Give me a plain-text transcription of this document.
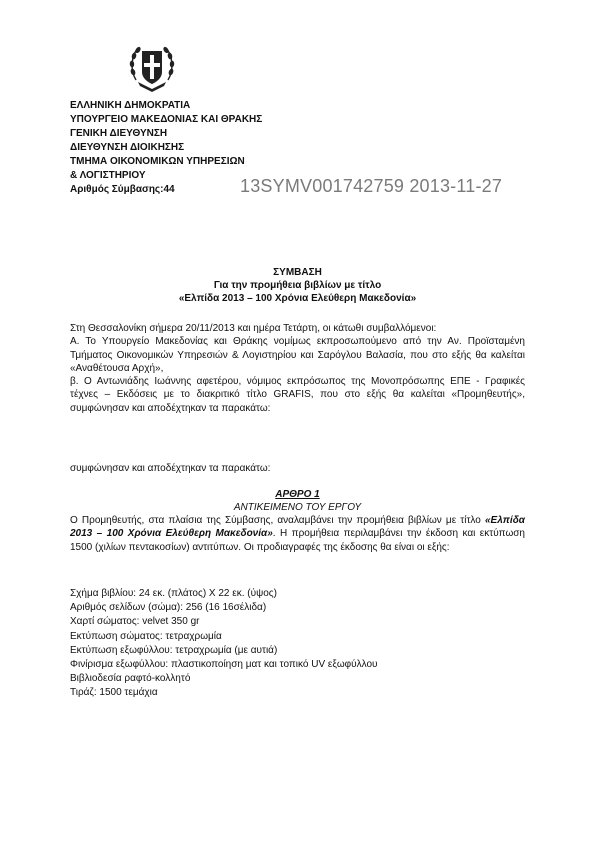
ΕΛΛΗΝΙΚΗ ΔΗΜΟΚΡΑΤΙΑ
ΥΠΟΥΡΓΕΙΟ ΜΑΚΕΔΟΝΙΑΣ ΚΑΙ ΘΡΑΚΗΣ
ΓΕΝΙΚΗ ΔΙΕΥΘΥΝΣΗ
ΔΙΕΥΘΥΝΣΗ ΔΙΟΙΚΗΣΗΣ
ΤΜΗΜΑ ΟΙΚΟΝΟΜΙΚΩΝ ΥΠΗΡΕΣΙΩΝ
& ΛΟΓΙΣΤΗΡΙΟΥ
Αριθμός Σύμβασης:44	13SYMV001742759 2013-11-27
ΣΥΜΒΑΣΗ
Για την προμήθεια βιβλίων με τίτλο
«Ελπίδα 2013 – 100 Χρόνια Ελεύθερη Μακεδονία»

Στη Θεσσαλονίκη σήμερα 20/11/2013 και ημέρα Τετάρτη, οι κάτωθι συμβαλλόμενοι:

Α. Το Υπουργείο Μακεδονίας και Θράκης νομίμως εκπροσωπούμενο από την Αν. Προϊσταμένη Τμήματος Οικονομικών Υπηρεσιών & Λογιστηρίου και Σαρόγλου Βαλασία, που στο εξής θα καλείται «Αναθέτουσα Αρχή»,

β. Ο Αντωνιάδης Ιωάννης αφετέρου, νόμιμος εκπρόσωπος της Μονοπρόσωπης ΕΠΕ - Γραφικές τέχνες – Εκδόσεις με το διακριτικό τίτλο GRAFIS, που στο εξής θα καλείται «Προμηθευτής», συμφώνησαν και αποδέχτηκαν τα παρακάτω:

συμφώνησαν και αποδέχτηκαν τα παρακάτω:
ΑΡΘΡΟ 1
ΑΝΤΙΚΕΙΜΕΝΟ ΤΟΥ ΕΡΓΟΥ
Ο Προμηθευτής, στα πλαίσια της Σύμβασης, αναλαμβάνει την προμήθεια βιβλίων με τίτλο «Ελπίδα 2013 – 100 Χρόνια Ελεύθερη Μακεδονία». Η προμήθεια περιλαμβάνει την έκδοση και εκτύπωση 1500 (χιλίων πεντακοσίων) αντιτύπων. Οι προδιαγραφές της έκδοσης θα είναι οι εξής:
Σχήμα βιβλίου: 24 εκ. (πλάτος) Χ 22 εκ. (ύψος)
Αριθμός σελίδων (σώμα): 256 (16 16σέλιδα)
Χαρτί σώματος: velvet 350 gr
Εκτύπωση σώματος: τετραχρωμία
Εκτύπωση εξωφύλλου: τετραχρωμία (με αυτιά)
Φινίρισμα εξωφύλλου: πλαστικοποίηση ματ και τοπικό UV εξωφύλλου
Βιβλιοδεσία ραφτό-κολλητό
Τιράζ: 1500 τεμάχια
